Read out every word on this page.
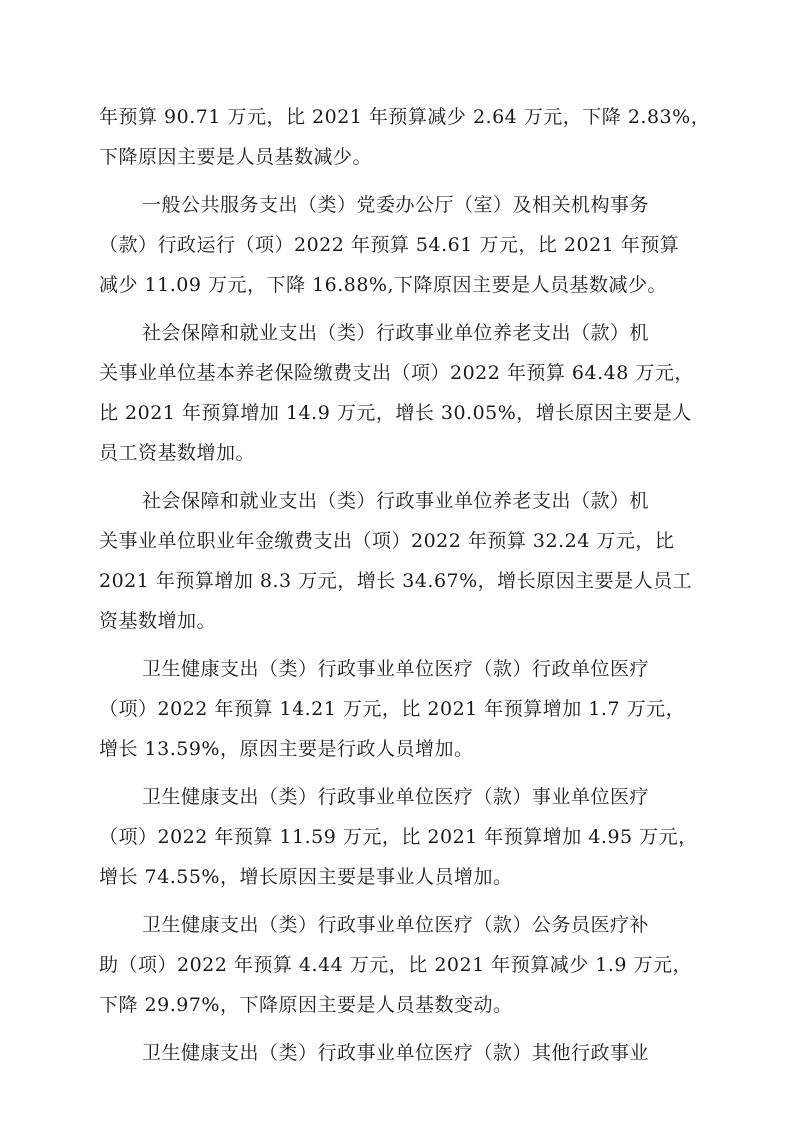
年预算 90.71 万元，比 2021 年预算减少 2.64 万元，下降 2.83%，
下降原因主要是人员基数减少。
一般公共服务支出（类）党委办公厅（室）及相关机构事务
（款）行政运行（项）2022 年预算 54.61 万元，比 2021 年预算
减少 11.09 万元，下降 16.88%,下降原因主要是人员基数减少。
社会保障和就业支出（类）行政事业单位养老支出（款）机
关事业单位基本养老保险缴费支出（项）2022 年预算 64.48 万元，
比 2021 年预算增加 14.9 万元，增长 30.05%，增长原因主要是人
员工资基数增加。
社会保障和就业支出（类）行政事业单位养老支出（款）机
关事业单位职业年金缴费支出（项）2022 年预算 32.24 万元，比
2021 年预算增加 8.3 万元，增长 34.67%，增长原因主要是人员工
资基数增加。
卫生健康支出（类）行政事业单位医疗（款）行政单位医疗
（项）2022 年预算 14.21 万元，比 2021 年预算增加 1.7 万元，
增长 13.59%，原因主要是行政人员增加。
卫生健康支出（类）行政事业单位医疗（款）事业单位医疗
（项）2022 年预算 11.59 万元，比 2021 年预算增加 4.95 万元，
增长 74.55%，增长原因主要是事业人员增加。
卫生健康支出（类）行政事业单位医疗（款）公务员医疗补
助（项）2022 年预算 4.44 万元，比 2021 年预算减少 1.9 万元，
下降 29.97%，下降原因主要是人员基数变动。
卫生健康支出（类）行政事业单位医疗（款）其他行政事业
